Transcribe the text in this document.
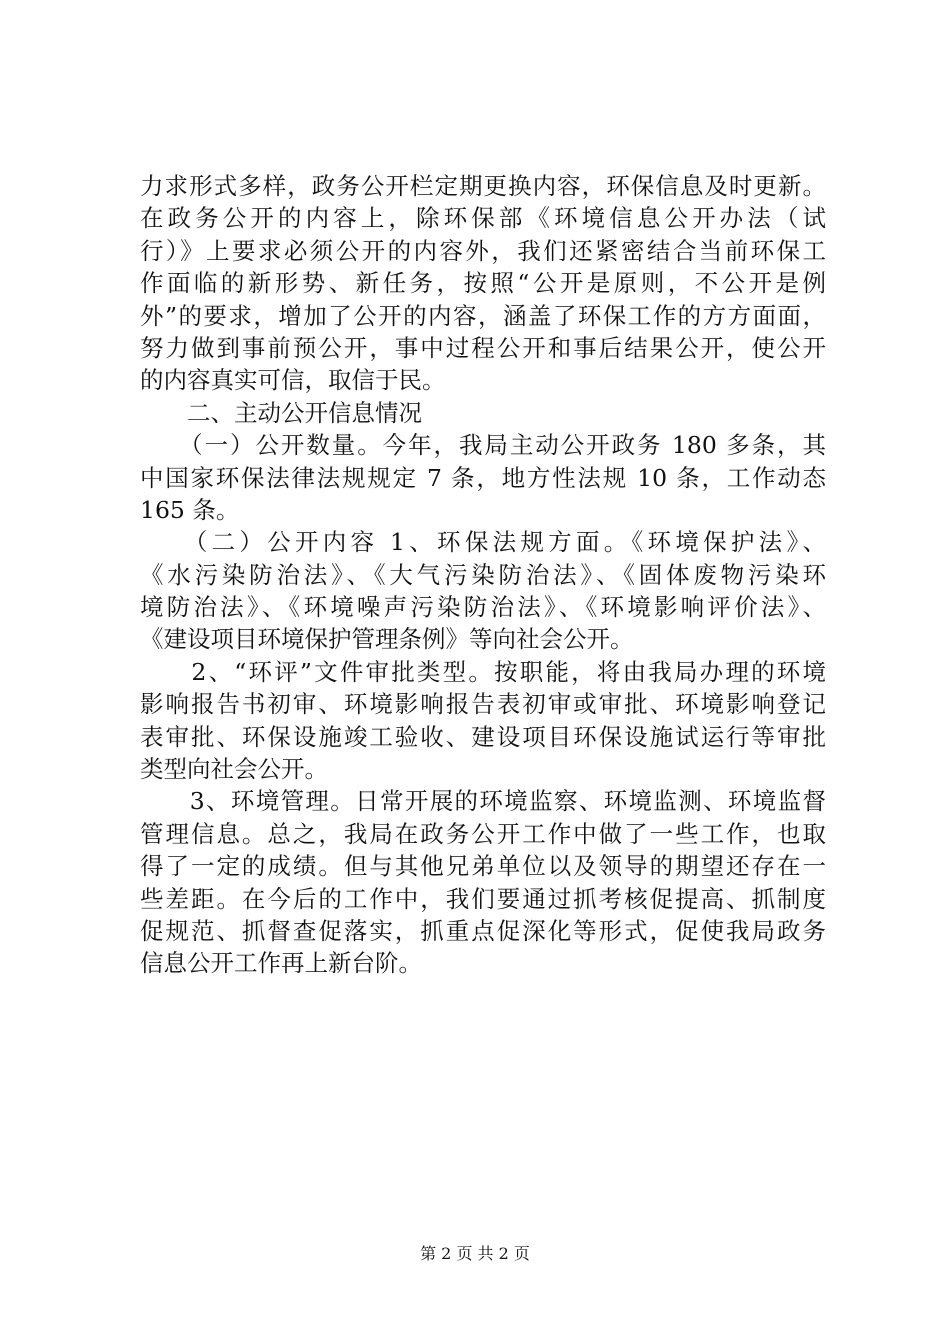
力求形式多样，政务公开栏定期更换内容，环保信息及时更新。
在政务公开的内容上，除环保部《环境信息公开办法（试
行）》上要求必须公开的内容外，我们还紧密结合当前环保工
作面临的新形势、新任务，按照“公开是原则，不公开是例
外”的要求，增加了公开的内容，涵盖了环保工作的方方面面，
努力做到事前预公开，事中过程公开和事后结果公开，使公开
的内容真实可信，取信于民。
　　二、主动公开信息情况
　　（一）公开数量。今年，我局主动公开政务 180 多条，其
中国家环保法律法规规定 7 条，地方性法规 10 条，工作动态
165 条。
　　（二）公开内容 1、环保法规方面。《环境保护法》、
《水污染防治法》、《大气污染防治法》、《固体废物污染环
境防治法》、《环境噪声污染防治法》、《环境影响评价法》、
《建设项目环境保护管理条例》等向社会公开。
　　2、“环评”文件审批类型。按职能，将由我局办理的环境
影响报告书初审、环境影响报告表初审或审批、环境影响登记
表审批、环保设施竣工验收、建设项目环保设施试运行等审批
类型向社会公开。
　　3、环境管理。日常开展的环境监察、环境监测、环境监督
管理信息。总之，我局在政务公开工作中做了一些工作，也取
得了一定的成绩。但与其他兄弟单位以及领导的期望还存在一
些差距。在今后的工作中，我们要通过抓考核促提高、抓制度
促规范、抓督查促落实，抓重点促深化等形式，促使我局政务
信息公开工作再上新台阶。
第 2 页 共 2 页
